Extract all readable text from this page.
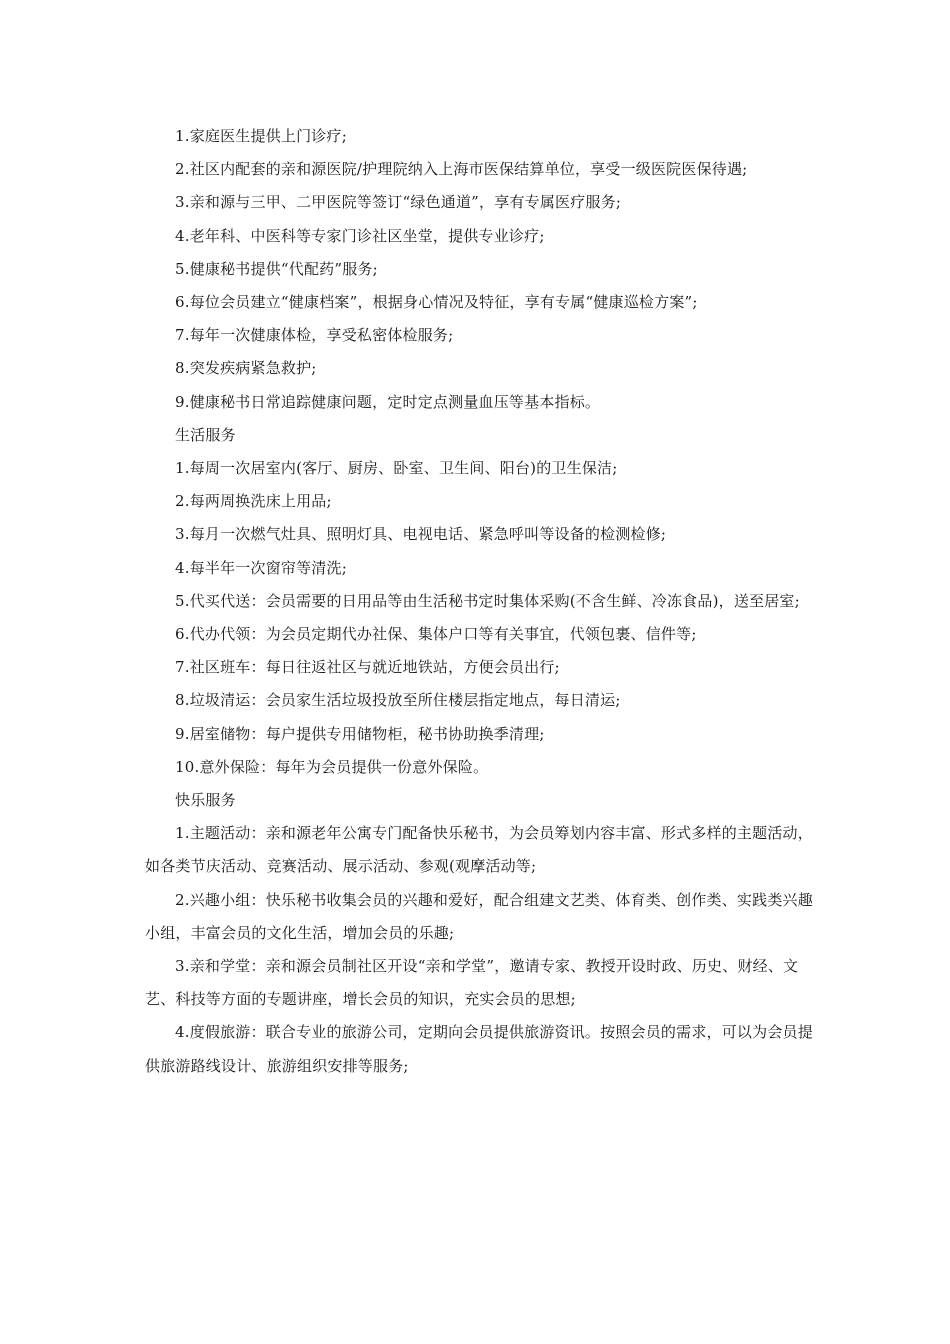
1.家庭医生提供上门诊疗;

2.社区内配套的亲和源医院/护理院纳入上海市医保结算单位，享受一级医院医保待遇;

3.亲和源与三甲、二甲医院等签订“绿色通道”，享有专属医疗服务;

4.老年科、中医科等专家门诊社区坐堂，提供专业诊疗;

5.健康秘书提供“代配药”服务;

6.每位会员建立“健康档案”，根据身心情况及特征，享有专属“健康巡检方案”;

7.每年一次健康体检，享受私密体检服务;

8.突发疾病紧急救护;

9.健康秘书日常追踪健康问题，定时定点测量血压等基本指标。

生活服务

1.每周一次居室内(客厅、厨房、卧室、卫生间、阳台)的卫生保洁;

2.每两周换洗床上用品;

3.每月一次燃气灶具、照明灯具、电视电话、紧急呼叫等设备的检测检修;

4.每半年一次窗帘等清洗;

5.代买代送：会员需要的日用品等由生活秘书定时集体采购(不含生鲜、冷冻食品)，送至居室;

6.代办代领：为会员定期代办社保、集体户口等有关事宜，代领包裹、信件等;

7.社区班车：每日往返社区与就近地铁站，方便会员出行;

8.垃圾清运：会员家生活垃圾投放至所住楼层指定地点，每日清运;

9.居室储物：每户提供专用储物柜，秘书协助换季清理;

10.意外保险：每年为会员提供一份意外保险。

快乐服务

1.主题活动：亲和源老年公寓专门配备快乐秘书，为会员筹划内容丰富、形式多样的主题活动，如各类节庆活动、竞赛活动、展示活动、参观(观摩活动等;

2.兴趣小组：快乐秘书收集会员的兴趣和爱好，配合组建文艺类、体育类、创作类、实践类兴趣小组，丰富会员的文化生活，增加会员的乐趣;

3.亲和学堂：亲和源会员制社区开设“亲和学堂”，邀请专家、教授开设时政、历史、财经、文艺、科技等方面的专题讲座，增长会员的知识，充实会员的思想;

4.度假旅游：联合专业的旅游公司，定期向会员提供旅游资讯。按照会员的需求，可以为会员提供旅游路线设计、旅游组织安排等服务;
